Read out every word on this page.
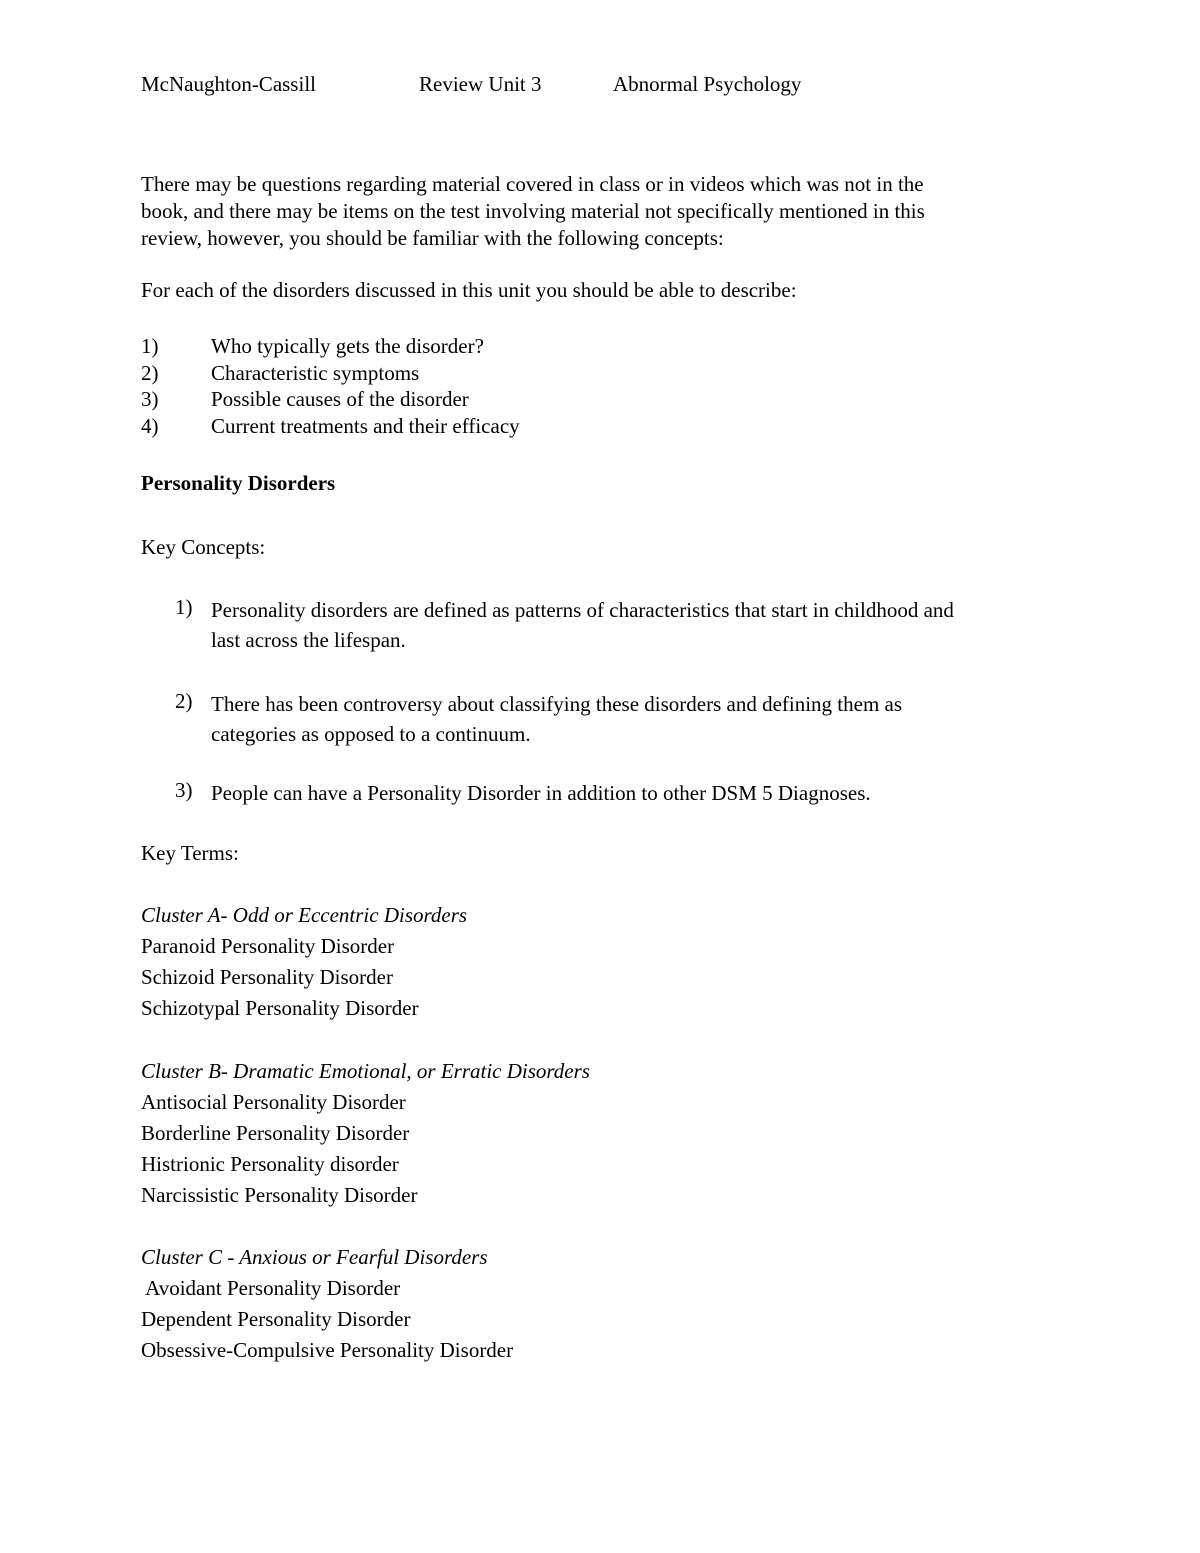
McNaughton-Cassill	Review Unit 3	Abnormal Psychology
There may be questions regarding material covered in class or in videos which was not in the
book, and there may be items on the test involving material not specifically mentioned in this
review, however, you should be familiar with the following concepts:
For each of the disorders discussed in this unit you should be able to describe:
1)	Who typically gets the disorder?
2)	Characteristic symptoms
3)	Possible causes of the disorder
4)	Current treatments and their efficacy
Personality Disorders
Key Concepts:
1) Personality disorders are defined as patterns of characteristics that start in childhood and
last across the lifespan.
2) There has been controversy about classifying these disorders and defining them as
categories as opposed to a continuum.
3) People can have a Personality Disorder in addition to other DSM 5 Diagnoses.
Key Terms:
Cluster A- Odd or Eccentric Disorders
Paranoid Personality Disorder
Schizoid Personality Disorder
Schizotypal Personality Disorder
Cluster B- Dramatic Emotional, or Erratic Disorders
Antisocial Personality Disorder
Borderline Personality Disorder
Histrionic Personality disorder
Narcissistic Personality Disorder
Cluster C - Anxious or Fearful Disorders
Avoidant Personality Disorder
Dependent Personality Disorder
Obsessive-Compulsive Personality Disorder
